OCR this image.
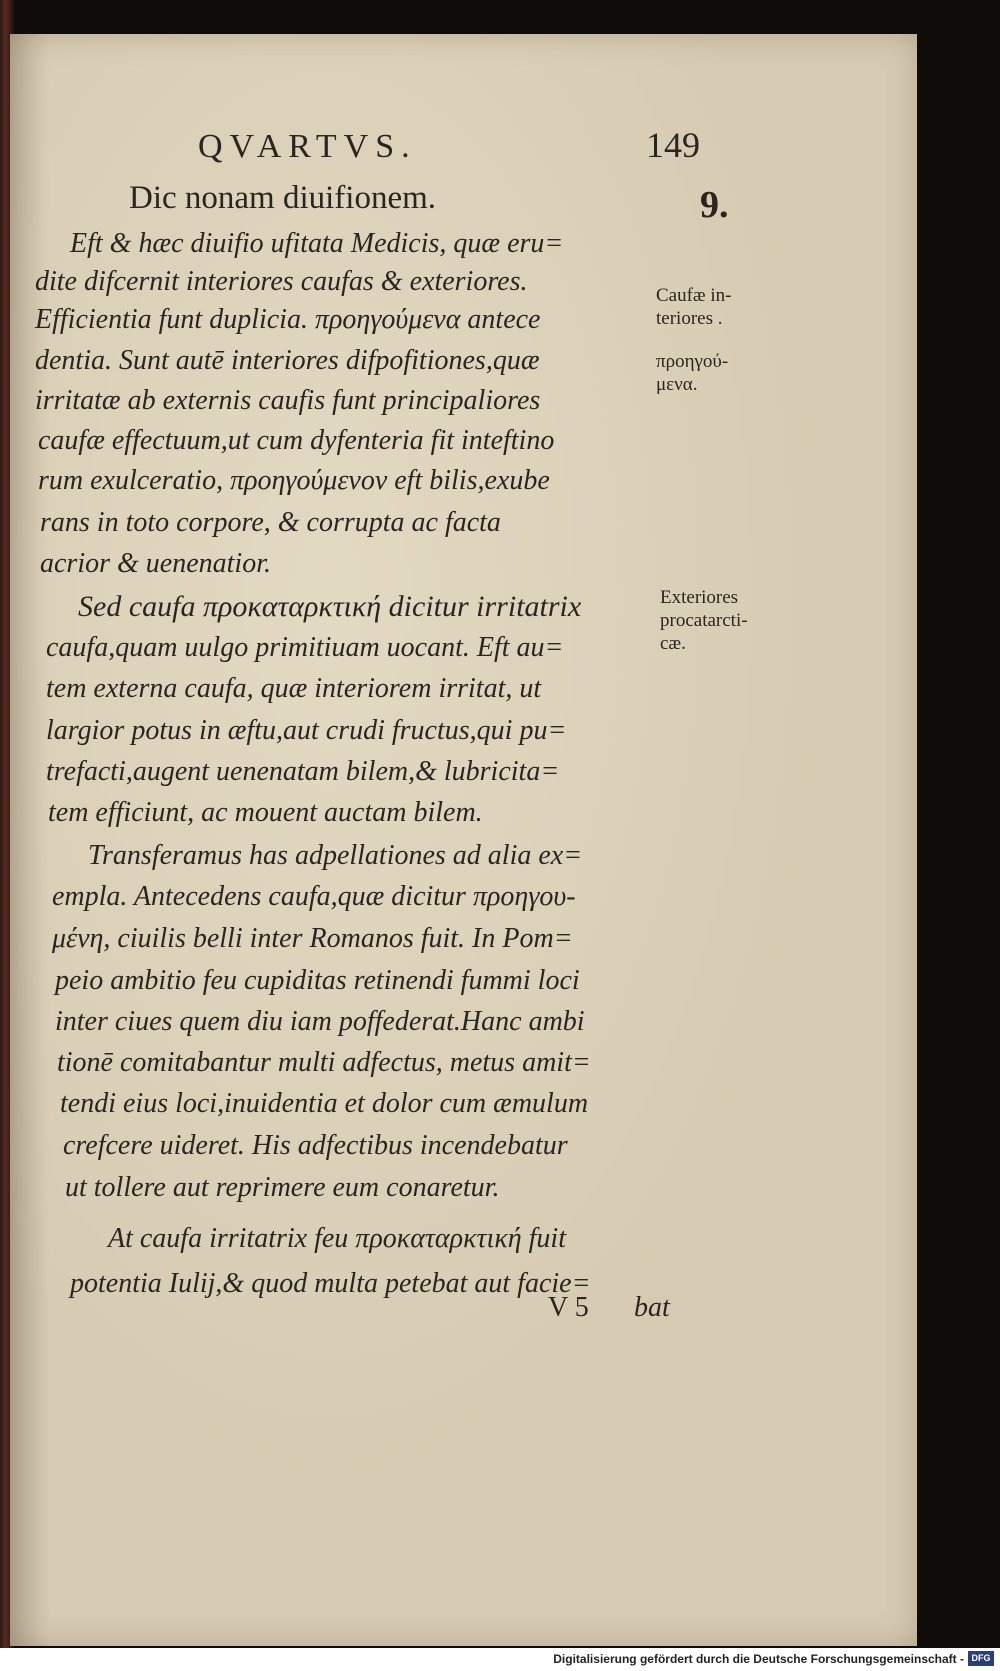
QVARTVS.	149
Dic nonam diuifionem.	9.
Eft & hæc diuifio ufitata Medicis, quæ eru=
dite difcernit interiores caufas & exteriores.
Efficientia funt duplicia. προηγούμενα antece
dentia. Sunt autē interiores difpofitiones,quæ
irritatæ ab externis caufis funt principaliores
caufæ effectuum,ut cum dyfenteria fit inteftino
rum exulceratio, προηγούμενον eft bilis,exube
rans in toto corpore, & corrupta ac facta
acrior & uenenatior.
Sed caufa προκαταρκτική dicitur irritatrix
caufa,quam uulgo primitiuam uocant. Eft au=
tem externa caufa, quæ interiorem irritat, ut
largior potus in æftu,aut crudi fructus,qui pu=
trefacti,augent uenenatam bilem,& lubricita=
tem efficiunt, ac mouent auctam bilem.
Transferamus has adpellationes ad alia ex=
empla. Antecedens caufa,quæ dicitur προηγου-
μένη, ciuilis belli inter Romanos fuit. In Pom=
peio ambitio feu cupiditas retinendi fummi loci
inter ciues quem diu iam poffederat.Hanc ambi
tionē comitabantur multi adfectus, metus amit=
tendi eius loci,inuidentia et dolor cum æmulum
crefcere uideret. His adfectibus incendebatur
ut tollere aut reprimere eum conaretur.
At caufa irritatrix feu προκαταρκτική fuit
potentia Iulij,& quod multa petebat aut facie=
Caufæ in-
teriores .
προηγού-
μενα.
Exteriores
procatarcti-
cæ.
V 5 bat
Digitalisierung gefördert durch die Deutsche Forschungsgemeinschaft - DFG
